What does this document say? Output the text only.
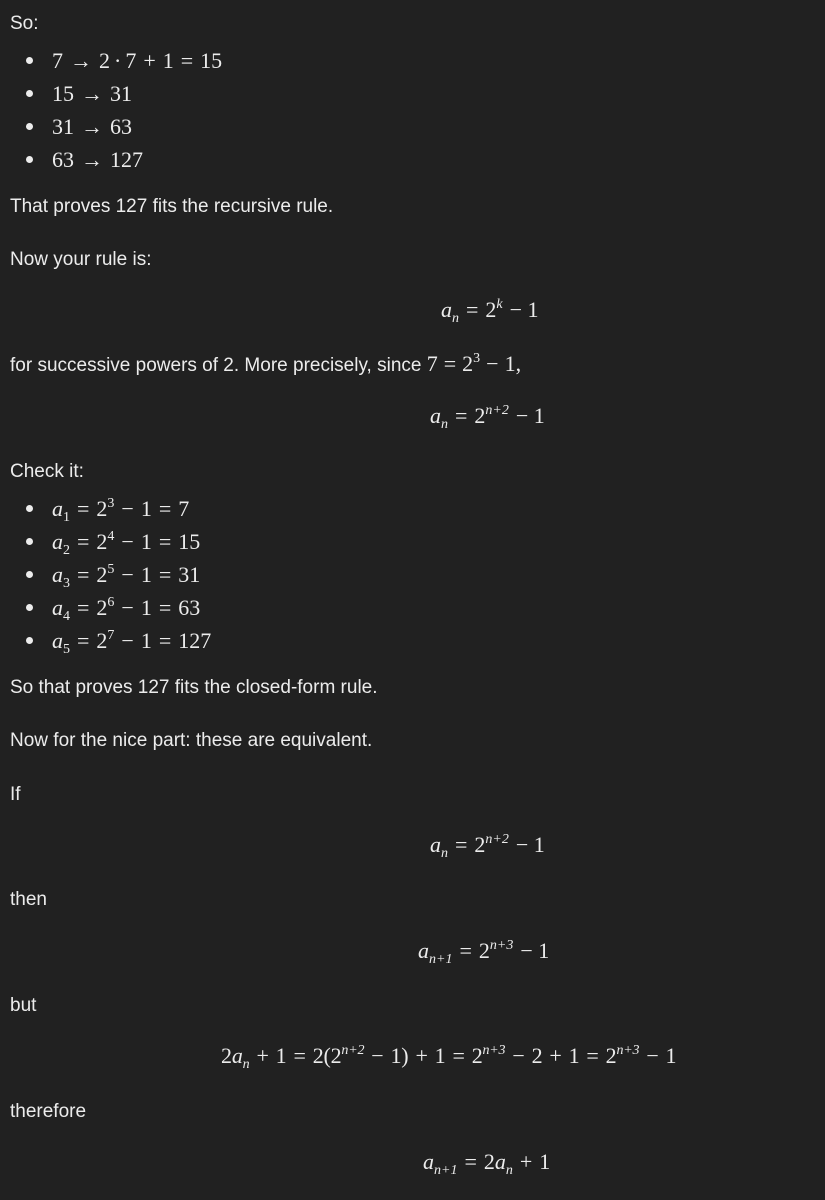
So:
7 → 2 · 7 + 1 = 15
15 → 31
31 → 63
63 → 127
That proves 127 fits the recursive rule.
Now your rule is:
$a_n = 2^k - 1$
for successive powers of 2. More precisely, since $7 = 2^3 - 1$,
$a_n = 2^{n+2} - 1$
Check it:
$a_1 = 2^3 - 1 = 7$
$a_2 = 2^4 - 1 = 15$
$a_3 = 2^5 - 1 = 31$
$a_4 = 2^6 - 1 = 63$
$a_5 = 2^7 - 1 = 127$
So that proves 127 fits the closed-form rule.
Now for the nice part: these are equivalent.
If
$a_n = 2^{n+2} - 1$
then
$a_{n+1} = 2^{n+3} - 1$
but
$2a_n + 1 = 2(2^{n+2} - 1) + 1 = 2^{n+3} - 2 + 1 = 2^{n+3} - 1$
therefore
$a_{n+1} = 2a_n + 1$
